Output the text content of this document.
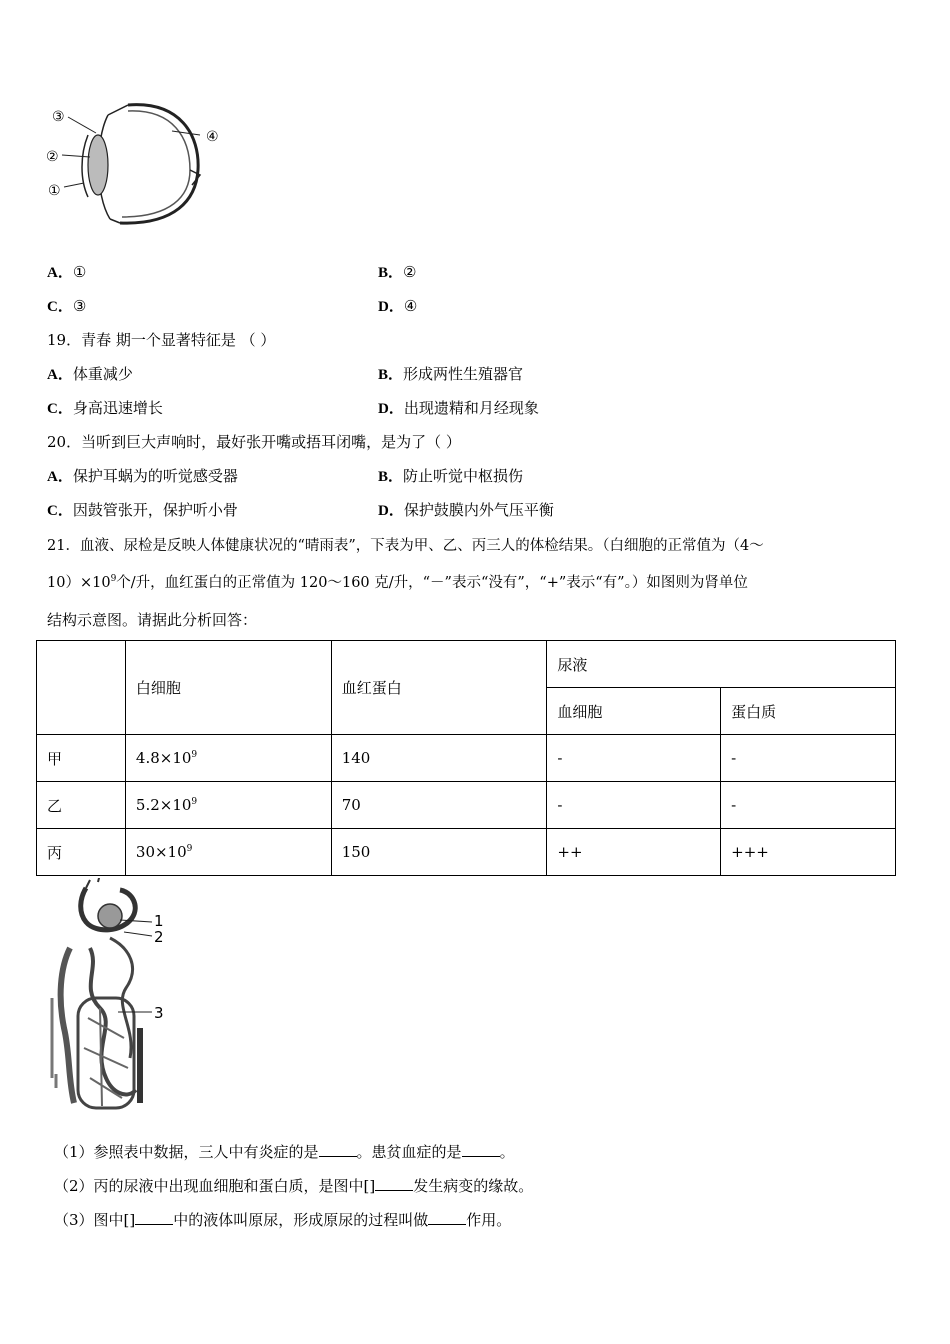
③
②
①
④
A．①	B．②
C．③	D．④
19．青春 期一个显著特征是 （ ）
A．体重减少	B．形成两性生殖器官
C．身高迅速增长	D．出现遗精和月经现象
20．当听到巨大声响时，最好张开嘴或捂耳闭嘴，是为了（ ）
A．保护耳蜗为的听觉感受器	B．防止听觉中枢损伤
C．因鼓管张开，保护听小骨	D．保护鼓膜内外气压平衡
21．血液、尿检是反映人体健康状况的“晴雨表”，下表为甲、乙、丙三人的体检结果。（白细胞的正常值为（4～
$10)\times 10^9$个/升，血红蛋白的正常值为 120～160 克/升，“－”表示“没有”，“+”表示“有”。）如图则为肾单位
结构示意图。请据此分析回答：
	白细胞	血红蛋白	尿液	
			血细胞	蛋白质
甲	$4.8\times 10^9$	140	-	-
乙	$5.2\times 10^9$	70	-	-
丙	$30\times 10^9$	150	++	+++
1
2
3
（1）参照表中数据，三人中有炎症的是	。患贫血症的是	。
（2）丙的尿液中出现血细胞和蛋白质，是图中[]	发生病变的缘故。
（3）图中[]	中的液体叫原尿，形成原尿的过程叫做	作用。
